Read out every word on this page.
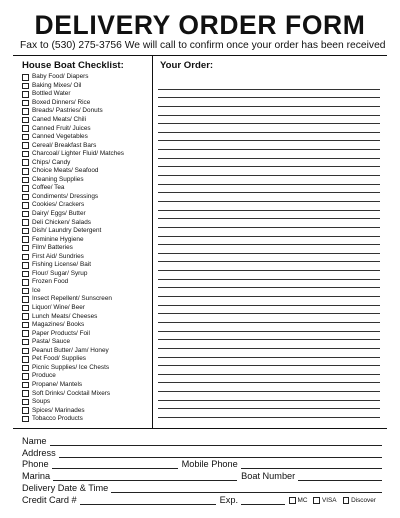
DELIVERY ORDER FORM
Fax to (530) 275-3756 We will call to confirm once your order has been received
House Boat Checklist:	Your Order:
Baby Food/ Diapers
Baking Mixes/ Oil
Bottled Water
Boxed Dinners/ Rice
Breads/ Pastries/ Donuts
Caned Meats/ Chili
Canned Fruit/ Juices
Canned Vegetables
Cereal/ Breakfast Bars
Charcoal/ Lighter Fluid/ Matches
Chips/ Candy
Choice Meats/ Seafood
Cleaning Supplies
Coffee/ Tea
Condiments/ Dressings
Cookies/ Crackers
Dairy/ Eggs/ Butter
Deli Chicken/ Salads
Dish/ Laundry Detergent
Feminine Hygiene
Film/ Batteries
First Aid/ Sundries
Fishing License/ Bait
Flour/ Sugar/ Syrup
Frozen Food
Ice
Insect Repellent/ Sunscreen
Liquor/ Wine/ Beer
Lunch Meats/ Cheeses
Magazines/ Books
Paper Products/ Foil
Pasta/ Sauce
Peanut Butter/ Jam/ Honey
Pet Food/ Supplies
Picnic Supplies/ Ice Chests
Produce
Propane/ Mantels
Soft Drinks/ Cocktail Mixers
Soups
Spices/ Marinades
Tobacco Products
Name
Address
Phone	Mobile Phone
Marina	Boat Number
Delivery Date & Time
Credit Card #	Exp.	MC VISA Discover
